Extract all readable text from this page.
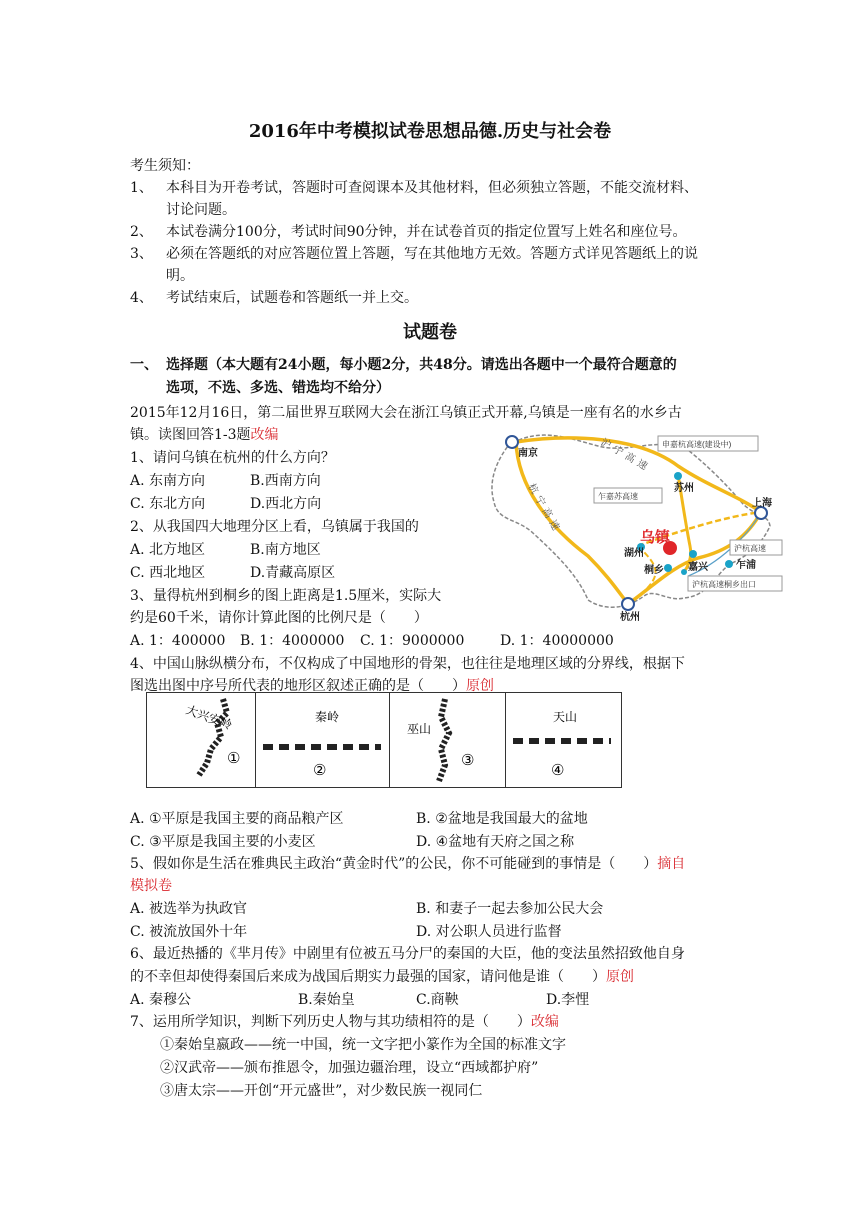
2016年中考模拟试卷思想品德.历史与社会卷
考生须知：
1、 本科目为开卷考试，答题时可查阅课本及其他材料，但必须独立答题，不能交流材料、
讨论问题。
2、 本试卷满分100分，考试时间90分钟，并在试卷首页的指定位置写上姓名和座位号。
3、 必须在答题纸的对应答题位置上答题，写在其他地方无效。答题方式详见答题纸上的说
明。
4、 考试结束后，试题卷和答题纸一并上交。
试题卷
一、 选择题（本大题有24小题，每小题2分，共48分。请选出各题中一个最符合题意的
选项，不选、多选、错选均不给分）
2015年12月16日，第二届世界互联网大会在浙江乌镇正式开幕,乌镇是一座有名的水乡古
镇。读图回答1-3题改编
1、请问乌镇在杭州的什么方向？
A. 东南方向	B.西南方向
C. 东北方向	D.西北方向
2、从我国四大地理分区上看，乌镇属于我国的
A. 北方地区	B.南方地区
C. 西北地区	D.青藏高原区
3、量得杭州到桐乡的图上距离是1.5厘米，实际大
约是60千米，请你计算此图的比例尺是（　　）
A. 1：400000 B. 1：4000000 C. 1：9000000	D. 1：40000000
南京
苏州
上海
乌镇
湖州
桐乡 嘉兴	乍浦
杭州
沪宁高速
杭宁高速
申嘉杭高速(建设中)
乍嘉苏高速
沪杭高速
沪杭高速桐乡出口
4、中国山脉纵横分布，不仅构成了中国地形的骨架，也往往是地理区域的分界线，根据下
图选出图中序号所代表的地形区叙述正确的是（　　）原创
大兴安岭
①
秦岭
②
巫山
③
天山
④
A. ①平原是我国主要的商品粮产区	B. ②盆地是我国最大的盆地
C. ③平原是我国主要的小麦区	D. ④盆地有天府之国之称
5、假如你是生活在雅典民主政治“黄金时代”的公民，你不可能碰到的事情是（　　）摘自
模拟卷
A. 被选举为执政官	B. 和妻子一起去参加公民大会
C. 被流放国外十年	D. 对公职人员进行监督
6、最近热播的《芈月传》中剧里有位被五马分尸的秦国的大臣，他的变法虽然招致他自身
的不幸但却使得秦国后来成为战国后期实力最强的国家，请问他是谁（　　）原创
A. 秦穆公	B.秦始皇	C.商鞅	D.李悝
7、运用所学知识，判断下列历史人物与其功绩相符的是（　　）改编
①秦始皇嬴政——统一中国，统一文字把小篆作为全国的标准文字
②汉武帝——颁布推恩令，加强边疆治理，设立“西域都护府”
③唐太宗——开创“开元盛世”，对少数民族一视同仁
